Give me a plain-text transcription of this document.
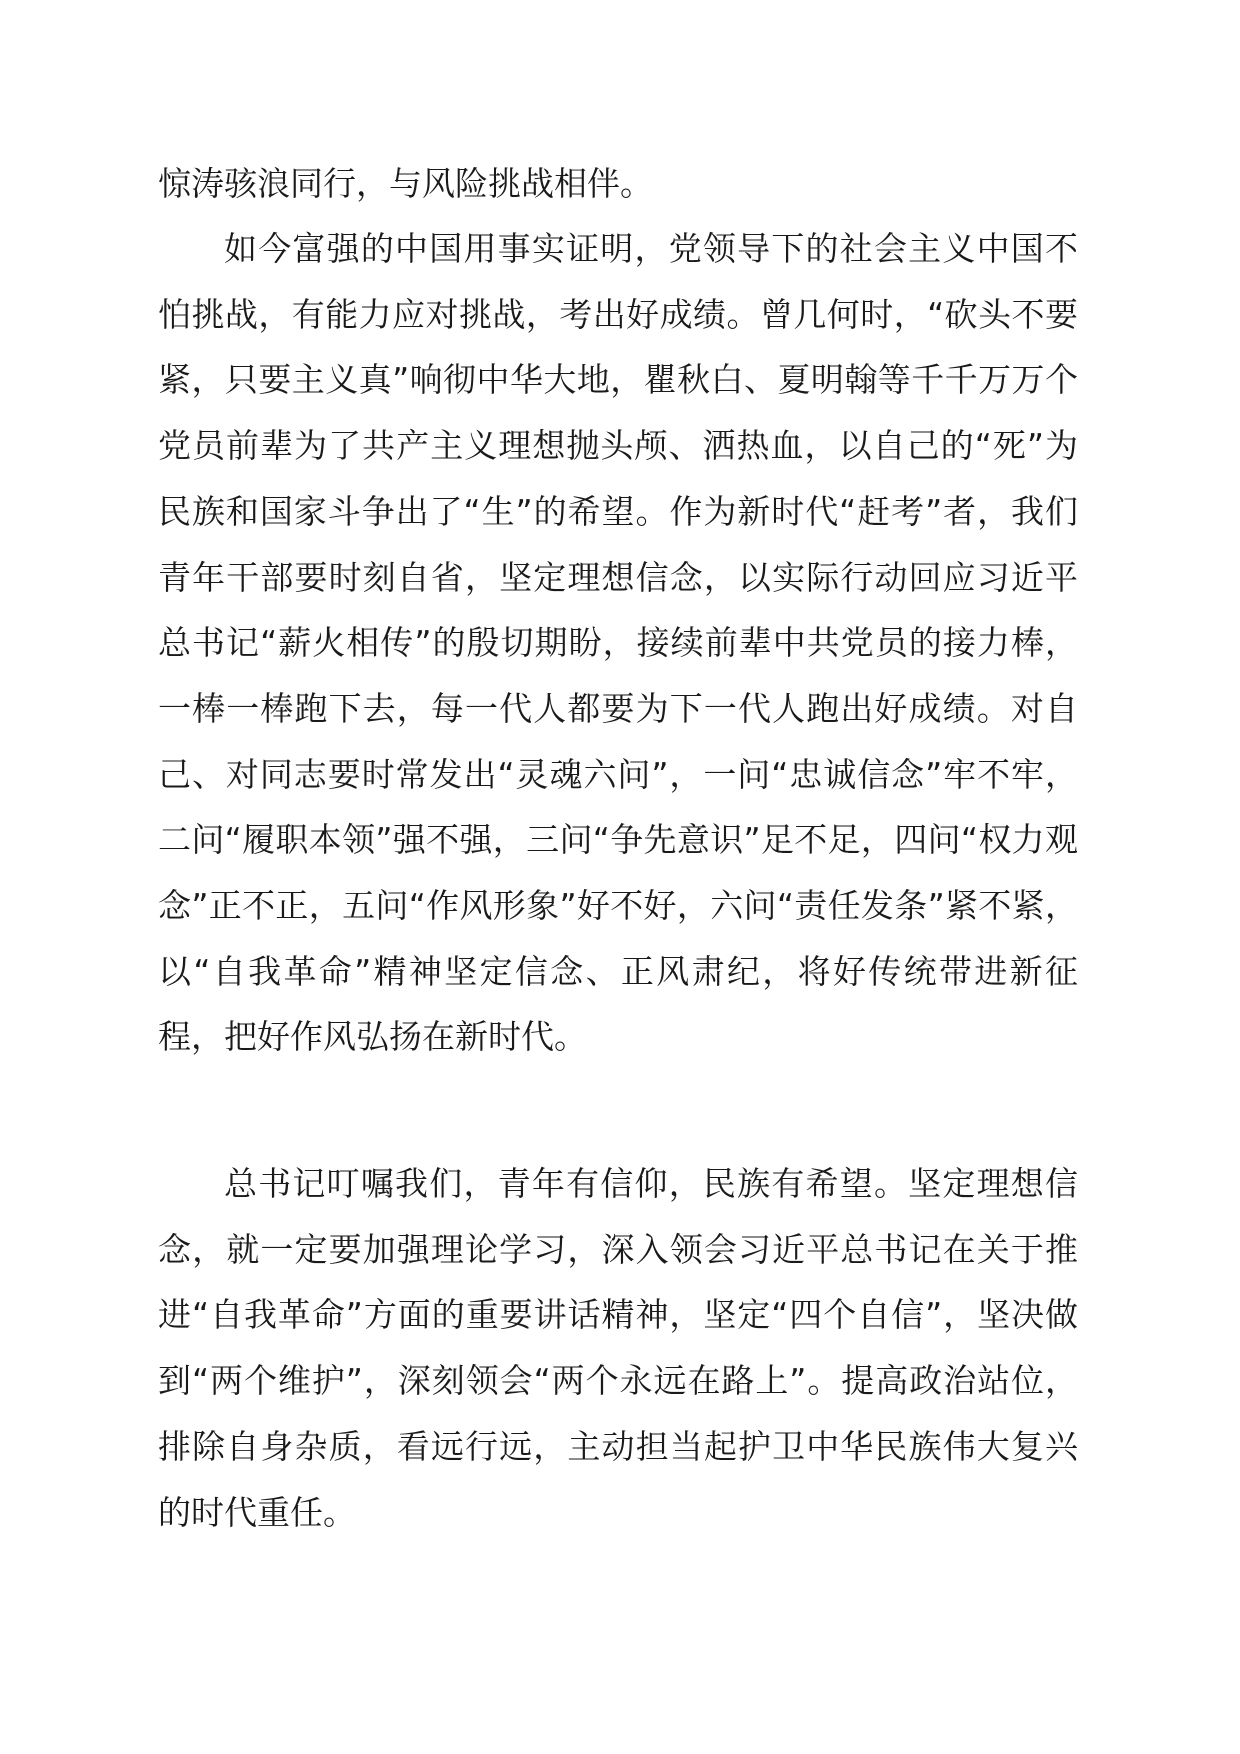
惊涛骇浪同行，与风险挑战相伴。

如今富强的中国用事实证明，党领导下的社会主义中国不怕挑战，有能力应对挑战，考出好成绩。曾几何时，“砍头不要紧，只要主义真”响彻中华大地，瞿秋白、夏明翰等千千万万个党员前辈为了共产主义理想抛头颅、洒热血，以自己的“死”为民族和国家斗争出了“生”的希望。作为新时代“赶考”者，我们青年干部要时刻自省，坚定理想信念，以实际行动回应习近平总书记“薪火相传”的殷切期盼，接续前辈中共党员的接力棒，一棒一棒跑下去，每一代人都要为下一代人跑出好成绩。对自己、对同志要时常发出“灵魂六问”，一问“忠诚信念”牢不牢，二问“履职本领”强不强，三问“争先意识”足不足，四问“权力观念”正不正，五问“作风形象”好不好，六问“责任发条”紧不紧，以“自我革命”精神坚定信念、正风肃纪，将好传统带进新征程，把好作风弘扬在新时代。

总书记叮嘱我们，青年有信仰，民族有希望。坚定理想信念，就一定要加强理论学习，深入领会习近平总书记在关于推进“自我革命”方面的重要讲话精神，坚定“四个自信”，坚决做到“两个维护”，深刻领会“两个永远在路上”。提高政治站位，排除自身杂质，看远行远，主动担当起护卫中华民族伟大复兴的时代重任。
